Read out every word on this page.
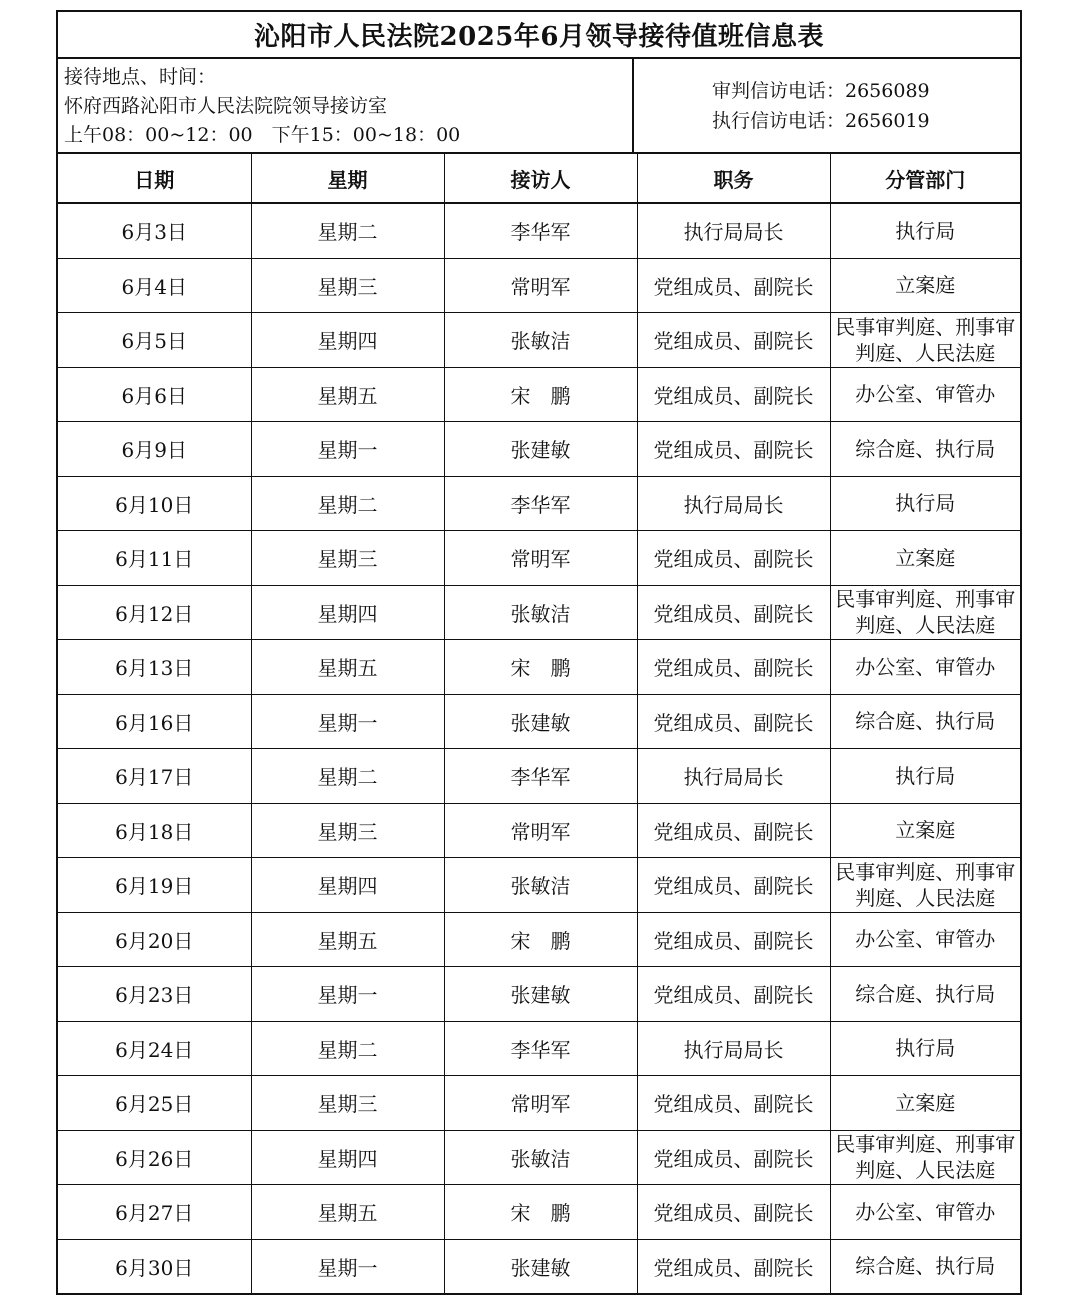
沁阳市人民法院2025年6月领导接待值班信息表
接待地点、时间：
怀府西路沁阳市人民法院院领导接访室
上午08：00~12：00　下午15：00~18：00
审判信访电话：2656089
执行信访电话：2656019
日期	星期	接访人	职务	分管部门
6月3日	星期二	李华军	执行局局长	执行局
6月4日	星期三	常明军	党组成员、副院长	立案庭
6月5日	星期四	张敏洁	党组成员、副院长	民事审判庭、刑事审判庭、人民法庭
6月6日	星期五	宋　鹏	党组成员、副院长	办公室、审管办
6月9日	星期一	张建敏	党组成员、副院长	综合庭、执行局
6月10日	星期二	李华军	执行局局长	执行局
6月11日	星期三	常明军	党组成员、副院长	立案庭
6月12日	星期四	张敏洁	党组成员、副院长	民事审判庭、刑事审判庭、人民法庭
6月13日	星期五	宋　鹏	党组成员、副院长	办公室、审管办
6月16日	星期一	张建敏	党组成员、副院长	综合庭、执行局
6月17日	星期二	李华军	执行局局长	执行局
6月18日	星期三	常明军	党组成员、副院长	立案庭
6月19日	星期四	张敏洁	党组成员、副院长	民事审判庭、刑事审判庭、人民法庭
6月20日	星期五	宋　鹏	党组成员、副院长	办公室、审管办
6月23日	星期一	张建敏	党组成员、副院长	综合庭、执行局
6月24日	星期二	李华军	执行局局长	执行局
6月25日	星期三	常明军	党组成员、副院长	立案庭
6月26日	星期四	张敏洁	党组成员、副院长	民事审判庭、刑事审判庭、人民法庭
6月27日	星期五	宋　鹏	党组成员、副院长	办公室、审管办
6月30日	星期一	张建敏	党组成员、副院长	综合庭、执行局
